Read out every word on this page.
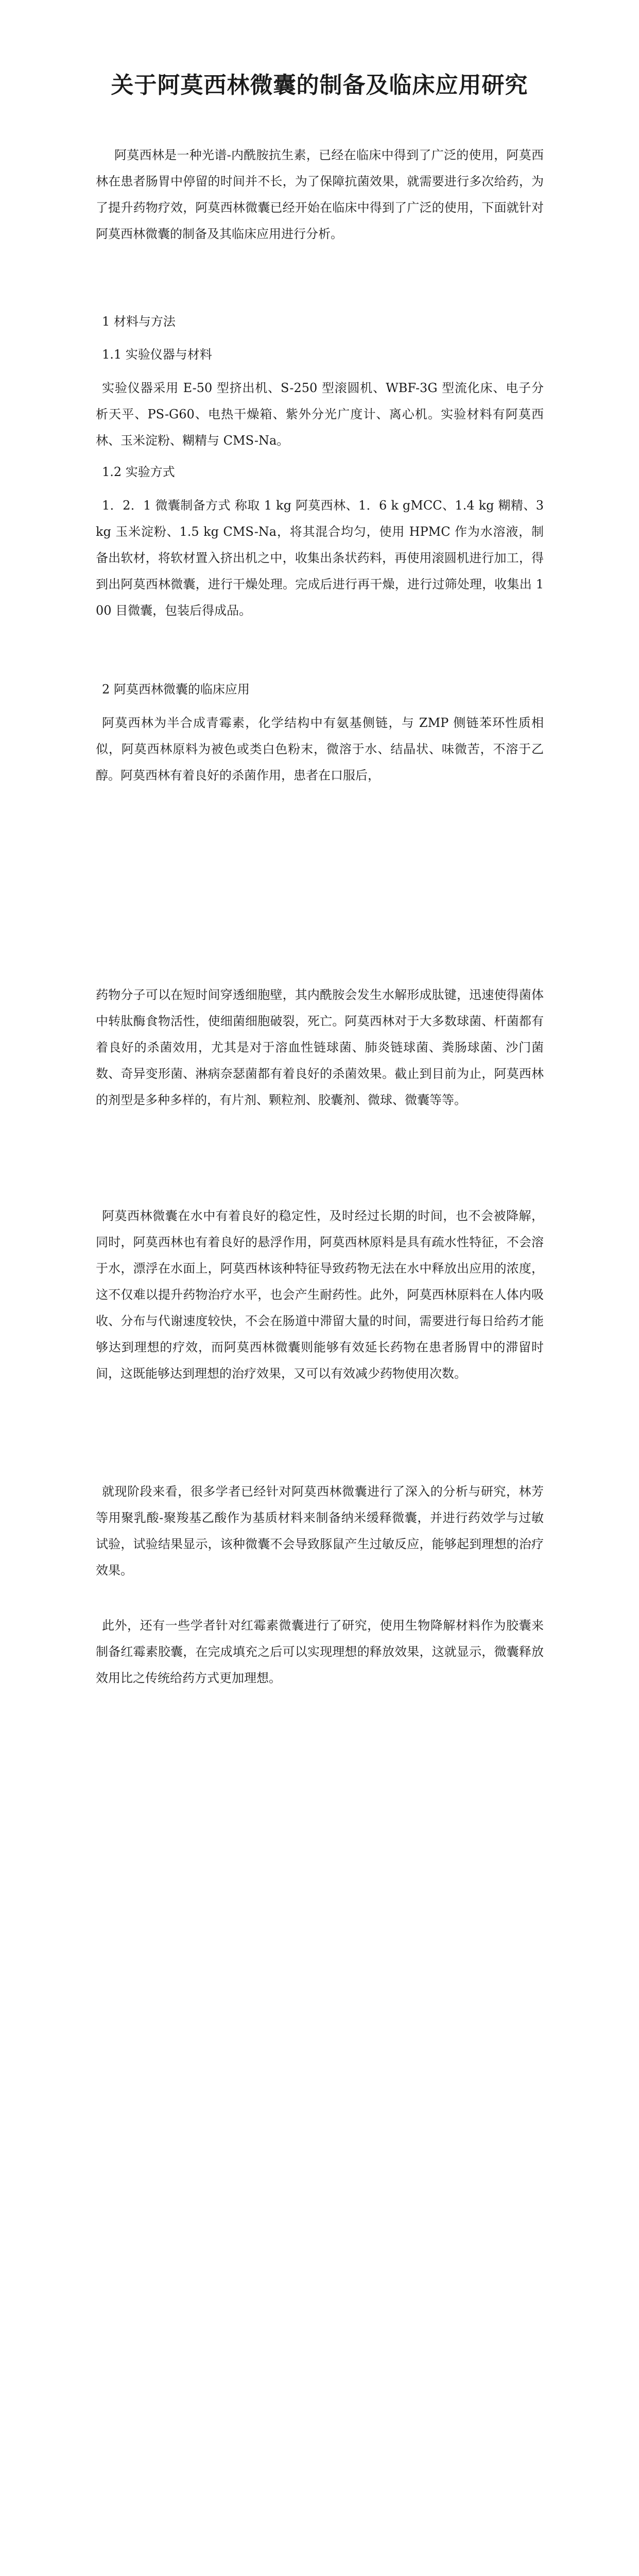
关于阿莫西林微囊的制备及临床应用研究

阿莫西林是一种光谱-内酰胺抗生素，已经在临床中得到了广泛的使用，阿莫西林在患者肠胃中停留的时间并不长，为了保障抗菌效果，就需要进行多次给药，为了提升药物疗效，阿莫西林微囊已经开始在临床中得到了广泛的使用，下面就针对阿莫西林微囊的制备及其临床应用进行分析。

1 材料与方法

1.1 实验仪器与材料

实验仪器采用 E-50 型挤出机、S-250 型滚圆机、WBF-3G 型流化床、电子分析天平、PS-G60、电热干燥箱、紫外分光广度计、离心机。实验材料有阿莫西林、玉米淀粉、糊精与 CMS-Na。

1.2 实验方式

1．2．1 微囊制备方式 称取 1 kg 阿莫西林、1．6 k gMCC、1.4 kg 糊精、3 kg 玉米淀粉、1.5 kg CMS-Na，将其混合均匀，使用 HPMC 作为水溶液，制备出软材，将软材置入挤出机之中，收集出条状药料，再使用滚圆机进行加工，得到出阿莫西林微囊，进行干燥处理。完成后进行再干燥，进行过筛处理，收集出 100 目微囊，包装后得成品。

2 阿莫西林微囊的临床应用

阿莫西林为半合成青霉素，化学结构中有氨基侧链，与 ZMP 侧链苯环性质相似，阿莫西林原料为被色或类白色粉末，微溶于水、结晶状、味微苦，不溶于乙醇。阿莫西林有着良好的杀菌作用，患者在口服后，

药物分子可以在短时间穿透细胞壁，其内酰胺会发生水解形成肽键，迅速使得菌体中转肽酶食物活性，使细菌细胞破裂，死亡。阿莫西林对于大多数球菌、杆菌都有着良好的杀菌效用，尤其是对于溶血性链球菌、肺炎链球菌、粪肠球菌、沙门菌数、奇异变形菌、淋病奈瑟菌都有着良好的杀菌效果。截止到目前为止，阿莫西林的剂型是多种多样的，有片剂、颗粒剂、胶囊剂、微球、微囊等等。

阿莫西林微囊在水中有着良好的稳定性，及时经过长期的时间，也不会被降解，同时，阿莫西林也有着良好的悬浮作用，阿莫西林原料是具有疏水性特征，不会溶于水，漂浮在水面上，阿莫西林该种特征导致药物无法在水中释放出应用的浓度，这不仅难以提升药物治疗水平，也会产生耐药性。此外，阿莫西林原料在人体内吸收、分布与代谢速度较快，不会在肠道中滞留大量的时间，需要进行每日给药才能够达到理想的疗效，而阿莫西林微囊则能够有效延长药物在患者肠胃中的滞留时间，这既能够达到理想的治疗效果，又可以有效减少药物使用次数。

就现阶段来看，很多学者已经针对阿莫西林微囊进行了深入的分析与研究，林芳等用聚乳酸-聚羧基乙酸作为基质材料来制备纳米缓释微囊，并进行药效学与过敏试验，试验结果显示，该种微囊不会导致豚鼠产生过敏反应，能够起到理想的治疗效果。

此外，还有一些学者针对红霉素微囊进行了研究，使用生物降解材料作为胶囊来制备红霉素胶囊，在完成填充之后可以实现理想的释放效果，这就显示，微囊释放效用比之传统给药方式更加理想。
